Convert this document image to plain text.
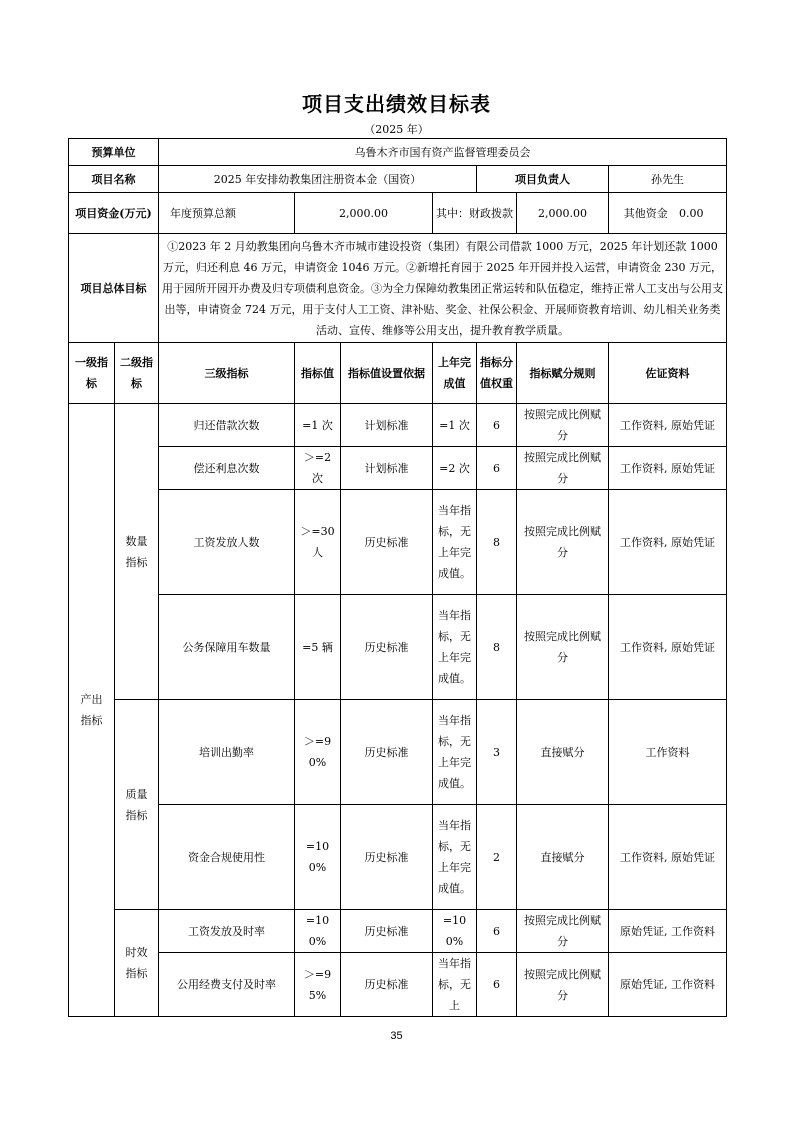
项目支出绩效目标表
（2025 年）
预算单位		乌鲁木齐市国有资产监督管理委员会						
项目名称		2025 年安排幼教集团注册资本金（国资）				项目负责人		孙先生
项目资金(万元)		年度预算总额	2,000.00		其中：财政拨款		2,000.00	其他资金 0.00
项目总体目标		①2023 年 2 月幼教集团向乌鲁木齐市城市建设投资（集团）有限公司借款 1000 万元，2025 年计划还款 1000 万元，归还利息 46 万元，申请资金 1046 万元。②新增托育园于 2025 年开园并投入运营，申请资金 230 万元，用于园所开园开办费及归专项债利息资金。③为全力保障幼教集团正常运转和队伍稳定，维持正常人工支出与公用支出等，申请资金 724 万元，用于支付人工工资、津补贴、奖金、社保公积金、开展师资教育培训、幼儿相关业务类活动、宣传、维修等公用支出，提升教育教学质量。						
一级指标	二级指标	三级指标	指标值	指标值设置依据	上年完成值	指标分值权重	指标赋分规则	佐证资料

产出指标	数量指标	归还借款次数	=1 次	计划标准	=1 次	6	按照完成比例赋分	工作资料, 原始凭证
		偿还利息次数	＞=2 次	计划标准	=2 次	6	按照完成比例赋分	工作资料, 原始凭证
		工资发放人数	＞=30 人	历史标准	当年指标，无上年完成值。	8	按照完成比例赋分	工作资料, 原始凭证
		公务保障用车数量	=5 辆	历史标准	当年指标，无上年完成值。	8	按照完成比例赋分	工作资料, 原始凭证

	质量指标	培训出勤率	＞=90%	历史标准	当年指标，无上年完成值。	3	直接赋分	工作资料
		资金合规使用性	=100%	历史标准	当年指标，无上年完成值。	2	直接赋分	工作资料, 原始凭证

	时效指标	工资发放及时率	=100%	历史标准	=100%	6	按照完成比例赋分	原始凭证, 工作资料
		公用经费支付及时率	＞=95%	历史标准	当年指标，无上	6	按照完成比例赋分	原始凭证, 工作资料
35
